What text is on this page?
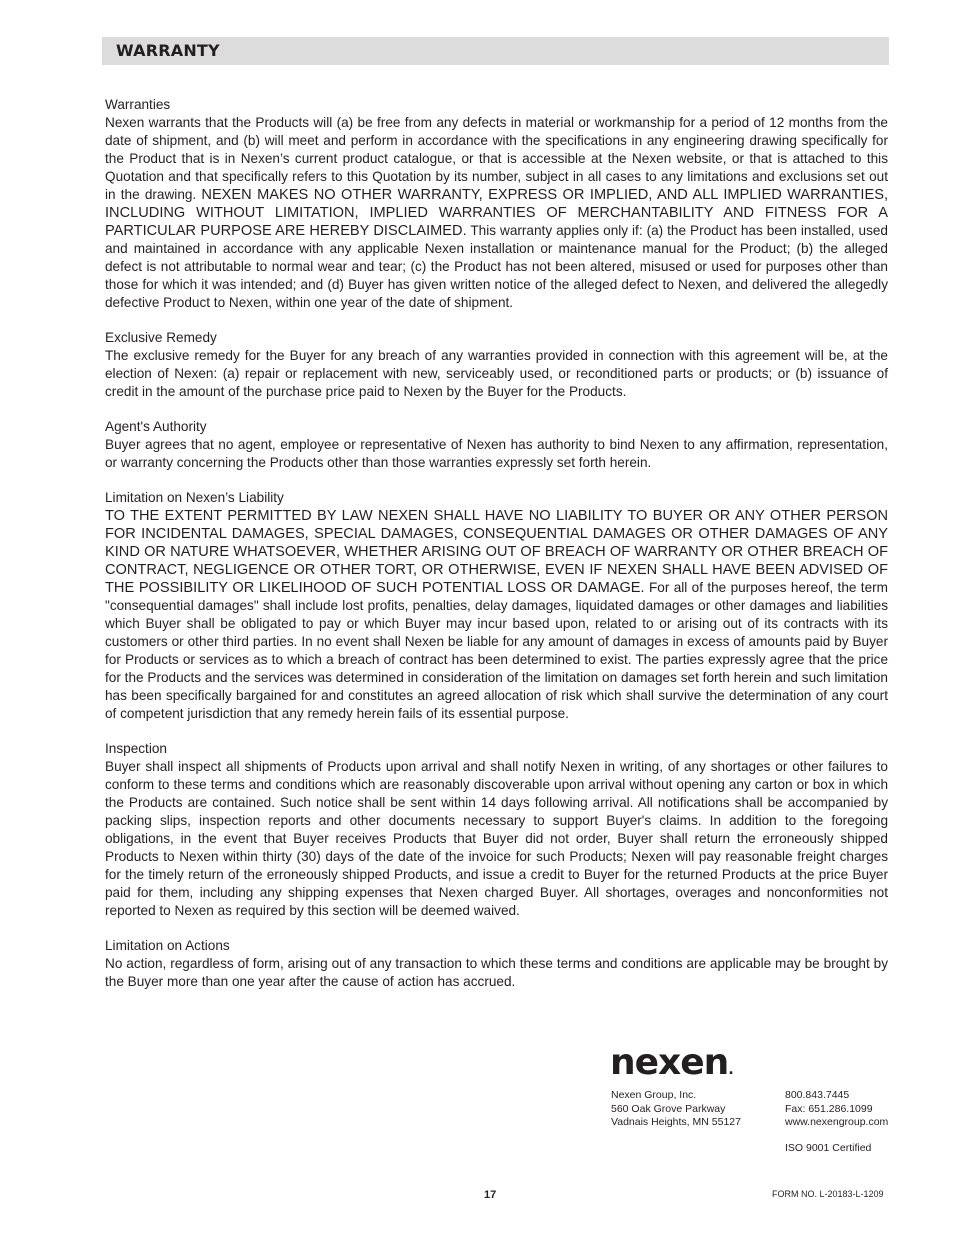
WARRANTY
Warranties

Nexen warrants that the Products will (a) be free from any defects in material or workmanship for a period of 12 months from the date of shipment, and (b) will meet and perform in accordance with the specifications in any engineering drawing specifically for the Product that is in Nexen’s current product catalogue, or that is accessible at the Nexen website, or that is attached to this Quotation and that specifically refers to this Quotation by its number, subject in all cases to any limitations and exclusions set out in the drawing. NEXEN MAKES NO OTHER WARRANTY, EXPRESS OR IMPLIED, AND ALL IMPLIED WARRANTIES, INCLUDING WITHOUT LIMITATION, IMPLIED WARRANTIES OF MERCHANTABILITY AND FITNESS FOR A PARTICULAR PURPOSE ARE HEREBY DISCLAIMED. This warranty applies only if: (a) the Product has been installed, used and maintained in accordance with any applicable Nexen installation or maintenance manual for the Product; (b) the alleged defect is not attributable to normal wear and tear; (c) the Product has not been altered, misused or used for purposes other than those for which it was intended; and (d) Buyer has given written notice of the alleged defect to Nexen, and delivered the allegedly defective Product to Nexen, within one year of the date of shipment.

Exclusive Remedy

The exclusive remedy for the Buyer for any breach of any warranties provided in connection with this agreement will be, at the election of Nexen: (a) repair or replacement with new, serviceably used, or reconditioned parts or products; or (b) issuance of credit in the amount of the purchase price paid to Nexen by the Buyer for the Products.

Agent's Authority

Buyer agrees that no agent, employee or representative of Nexen has authority to bind Nexen to any affirmation, representation, or warranty concerning the Products other than those warranties expressly set forth herein.

Limitation on Nexen’s Liability

TO THE EXTENT PERMITTED BY LAW NEXEN SHALL HAVE NO LIABILITY TO BUYER OR ANY OTHER PERSON FOR INCIDENTAL DAMAGES, SPECIAL DAMAGES, CONSEQUENTIAL DAMAGES OR OTHER DAMAGES OF ANY KIND OR NATURE WHATSOEVER, WHETHER ARISING OUT OF BREACH OF WARRANTY OR OTHER BREACH OF CONTRACT, NEGLIGENCE OR OTHER TORT, OR OTHERWISE, EVEN IF NEXEN SHALL HAVE BEEN ADVISED OF THE POSSIBILITY OR LIKELIHOOD OF SUCH POTENTIAL LOSS OR DAMAGE. For all of the purposes hereof, the term "consequential damages" shall include lost profits, penalties, delay damages, liquidated damages or other damages and liabilities which Buyer shall be obligated to pay or which Buyer may incur based upon, related to or arising out of its contracts with its customers or other third parties. In no event shall Nexen be liable for any amount of damages in excess of amounts paid by Buyer for Products or services as to which a breach of contract has been determined to exist. The parties expressly agree that the price for the Products and the services was determined in consideration of the limitation on damages set forth herein and such limitation has been specifically bargained for and constitutes an agreed allocation of risk which shall survive the determination of any court of competent jurisdiction that any remedy herein fails of its essential purpose.

Inspection

Buyer shall inspect all shipments of Products upon arrival and shall notify Nexen in writing, of any shortages or other failures to conform to these terms and conditions which are reasonably discoverable upon arrival without opening any carton or box in which the Products are contained. Such notice shall be sent within 14 days following arrival. All notifications shall be accompanied by packing slips, inspection reports and other documents necessary to support Buyer's claims. In addition to the foregoing obligations, in the event that Buyer receives Products that Buyer did not order, Buyer shall return the erroneously shipped Products to Nexen within thirty (30) days of the date of the invoice for such Products; Nexen will pay reasonable freight charges for the timely return of the erroneously shipped Products, and issue a credit to Buyer for the returned Products at the price Buyer paid for them, including any shipping expenses that Nexen charged Buyer. All shortages, overages and nonconformities not reported to Nexen as required by this section will be deemed waived.

Limitation on Actions

No action, regardless of form, arising out of any transaction to which these terms and conditions are applicable may be brought by the Buyer more than one year after the cause of action has accrued.

nexen.
Nexen Group, Inc.
560 Oak Grove Parkway
Vadnais Heights, MN 55127
800.843.7445
Fax: 651.286.1099
www.nexengroup.com
ISO 9001 Certified
17	FORM NO. L-20183-L-1209
